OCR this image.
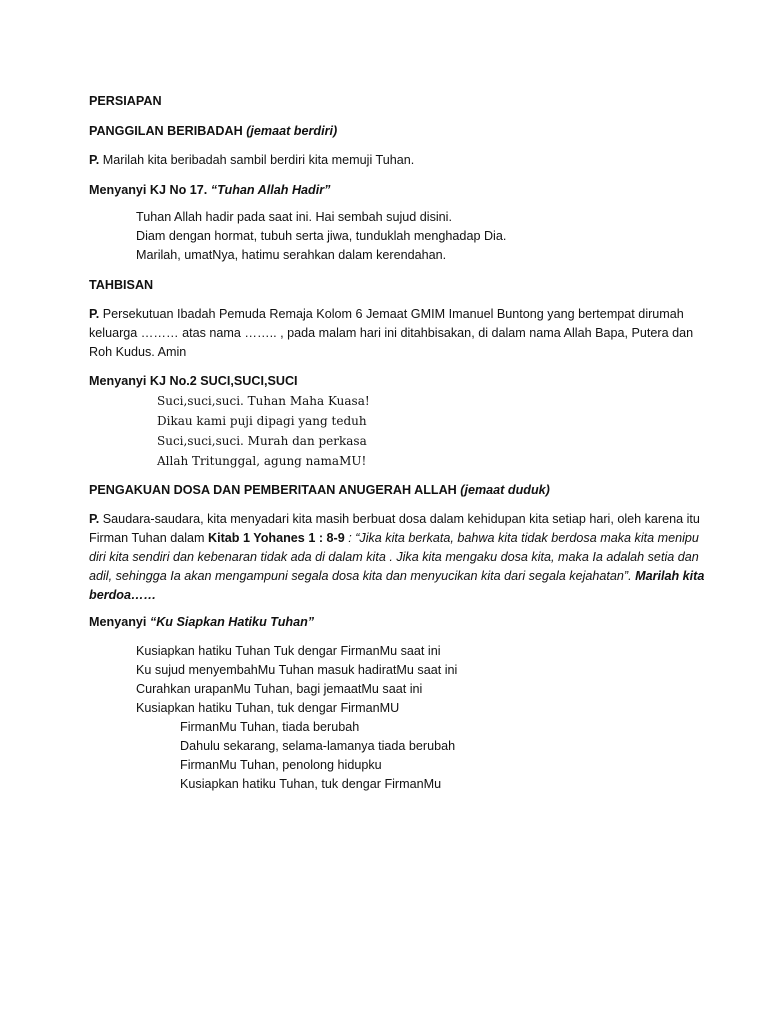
PERSIAPAN

PANGGILAN BERIBADAH (jemaat berdiri)

P. Marilah kita beribadah sambil berdiri kita memuji Tuhan.

Menyanyi KJ No 17. “Tuhan Allah Hadir”

Tuhan Allah hadir pada saat ini. Hai sembah sujud disini.
Diam dengan hormat, tubuh serta jiwa, tunduklah menghadap Dia.
Marilah, umatNya, hatimu serahkan dalam kerendahan.

TAHBISAN

P. Persekutuan Ibadah Pemuda Remaja Kolom 6 Jemaat GMIM Imanuel Buntong yang bertempat dirumah keluarga ……… atas nama …….. , pada malam hari ini ditahbisakan, di dalam nama Allah Bapa, Putera dan Roh Kudus. Amin

Menyanyi KJ No.2 SUCI,SUCI,SUCI

Suci,suci,suci. Tuhan Maha Kuasa!
Dikau kami puji dipagi yang teduh
Suci,suci,suci. Murah dan perkasa
Allah Tritunggal, agung namaMU!

PENGAKUAN DOSA DAN PEMBERITAAN ANUGERAH ALLAH (jemaat duduk)

P. Saudara-saudara, kita menyadari kita masih berbuat dosa dalam kehidupan kita setiap hari, oleh karena itu Firman Tuhan dalam Kitab 1 Yohanes 1 : 8-9 : “Jika kita berkata, bahwa kita tidak berdosa maka kita menipu diri kita sendiri dan kebenaran tidak ada di dalam kita . Jika kita mengaku dosa kita, maka Ia adalah setia dan adil, sehingga Ia akan mengampuni segala dosa kita dan menyucikan kita dari segala kejahatan”. Marilah kita berdoa……

Menyanyi “Ku Siapkan Hatiku Tuhan”

Kusiapkan hatiku Tuhan Tuk dengar FirmanMu saat ini
Ku sujud menyembahMu Tuhan masuk hadiratMu saat ini
Curahkan urapanMu Tuhan, bagi jemaatMu saat ini
Kusiapkan hatiku Tuhan, tuk dengar FirmanMU
FirmanMu Tuhan, tiada berubah
Dahulu sekarang, selama-lamanya tiada berubah
FirmanMu Tuhan, penolong hidupku
Kusiapkan hatiku Tuhan, tuk dengar FirmanMu
